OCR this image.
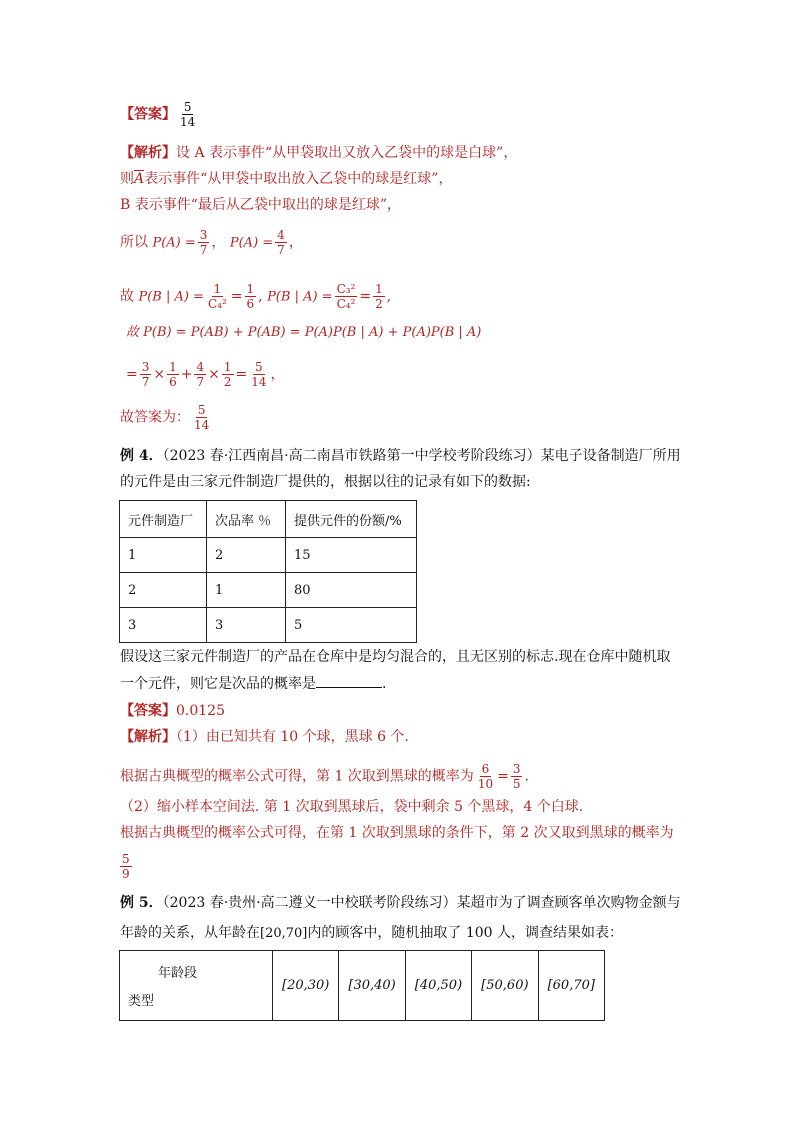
【答案】 $\frac{5}{14}$
【解析】设 A 表示事件“从甲袋取出又放入乙袋中的球是白球”，
则$\overline{A}$表示事件“从甲袋中取出放入乙袋中的球是红球”，
B 表示事件“最后从乙袋中取出的球是红球”，
所以 $P(A) = \frac{3}{7}$ ， $P(A) = \frac{4}{7}$ ，
故 P(B | $A) = \frac{1}{\text{C₄²}} = \frac{1}{6}$ , P(B | $A) = \frac{\text{C₃²}}{\text{C₄²}} = \frac{1}{2}$ ,
故 P(B) = P(AB) + P(AB) = P(A)P(B | A) + P(A)P(B | A)
= $\frac{3}{7} \times \frac{1}{6} + \frac{4}{7} \times \frac{1}{2} = \frac{5}{14}$ ，
故答案为： $\frac{5}{14}$
例 4．（2023 春·江西南昌·高二南昌市铁路第一中学校考阶段练习）某电子设备制造厂所用
的元件是由三家元件制造厂提供的，根据以往的记录有如下的数据:
元件制造厂	次品率 ％	提供元件的份额/%
1	2	15
2	1	80
3	3	5
假设这三家元件制造厂的产品在仓库中是均匀混合的，且无区别的标志.现在仓库中随机取
一个元件，则它是次品的概率是	.
【答案】0.0125
【解析】（1）由已知共有 10 个球，黑球 6 个.
根据古典概型的概率公式可得，第 1 次取到黑球的概率为 $\frac{6}{10} = \frac{3}{5}$ .
（2）缩小样本空间法. 第 1 次取到黑球后，袋中剩余 5 个黑球，4 个白球.
根据古典概型的概率公式可得，在第 1 次取到黑球的条件下，第 2 次又取到黑球的概率为
$\frac{5}{9}$
例 5．（2023 春·贵州·高二遵义一中校联考阶段练习）某超市为了调查顾客单次购物金额与
年龄的关系，从年龄在[20,70]内的顾客中，随机抽取了 100 人，调查结果如表：
年龄段
类型
	[20,30)	[30,40)	[40,50)	[50,60)	[60,70]
